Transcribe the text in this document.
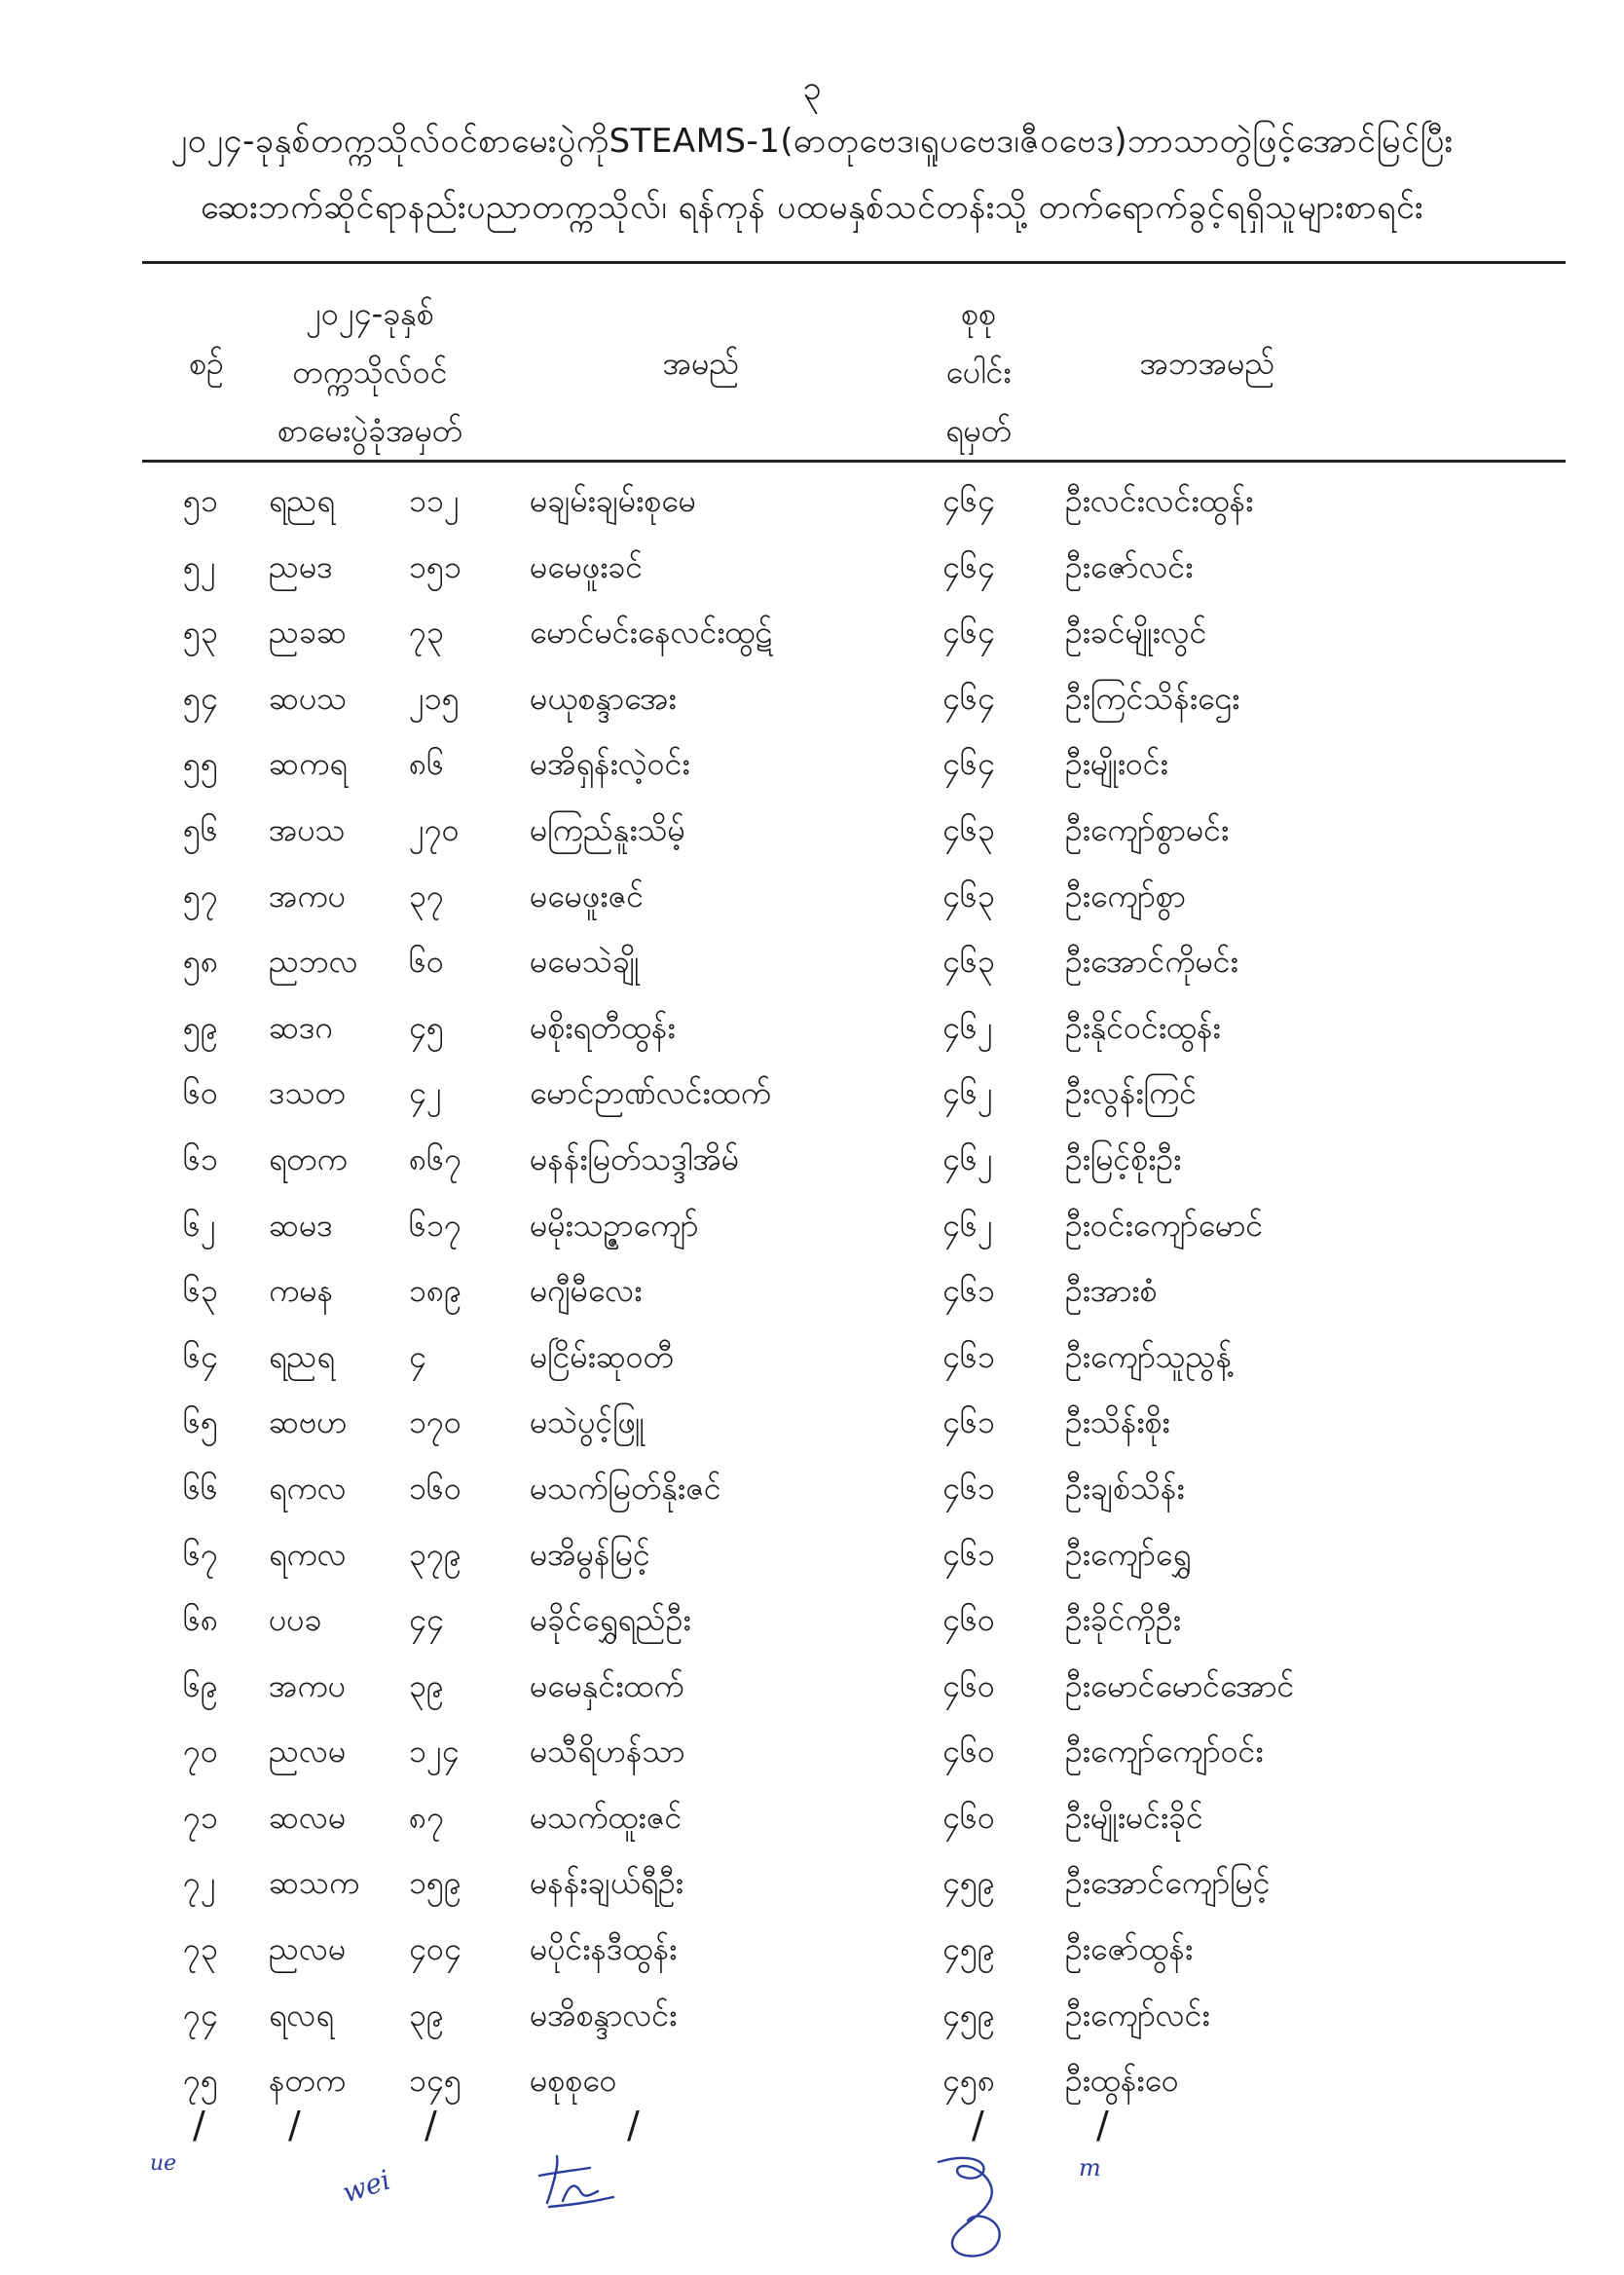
၃
၂၀၂၄-ခုနှစ်တက္ကသိုလ်ဝင်စာမေးပွဲကိုSTEAMS-1(ဓာတုဗေဒ၊ရူပဗေဒ၊ဇီဝဗေဒ)ဘာသာတွဲဖြင့်အောင်မြင်ပြီး
ဆေးဘက်ဆိုင်ရာနည်းပညာတက္ကသိုလ်၊ ရန်ကုန် ပထမနှစ်သင်တန်းသို့ တက်ရောက်ခွင့်ရရှိသူများစာရင်း
စဉ်
၂၀၂၄-ခုနှစ်
တက္ကသိုလ်ဝင်
စာမေးပွဲခုံအမှတ်
အမည်
စုစု
ပေါင်း
ရမှတ်
အဘအမည်
၅၁ ရညရ ၁၁၂ မချမ်းချမ်းစုမေ	၄၆၄ ဦးလင်းလင်းထွန်း
၅၂ ညမဒ ၁၅၁ မမေဖူးခင်	၄၆၄ ဦးဇော်လင်း
၅၃ ညခဆ ၇၃	မောင်မင်းနေလင်းထွဋ်	၄၆၄ ဦးခင်မျိုးလွင်
၅၄ ဆပသ ၂၁၅ မယုစန္ဒာအေး	၄၆၄ ဦးကြင်သိန်းဌေး
၅၅ ဆကရ ၈၆	မအိရှန်းလဲ့ဝင်း	၄၆၄ ဦးမျိုးဝင်း
၅၆ အပသ ၂၇၀ မကြည်နူးသိမ့်	၄၆၃ ဦးကျော်စွာမင်း
၅၇ အကပ ၃၇	မမေဖူးဇင်	၄၆၃ ဦးကျော်စွာ
၅၈ ညဘလ ၆၀	မမေသဲချို	၄၆၃ ဦးအောင်ကိုမင်း
၅၉ ဆဒဂ ၄၅	မစိုးရတီထွန်း	၄၆၂ ဦးနိုင်ဝင်းထွန်း
၆၀ ဒသတ ၄၂	မောင်ဉာဏ်လင်းထက်	၄၆၂ ဦးလွန်းကြင်
၆၁ ရတက ၈၆၇ မနန်းမြတ်သဒ္ဒါအိမ်	၄၆၂ ဦးမြင့်စိုးဦး
၆၂ ဆမဒ ၆၁၇ မမိုးသဥ္ဇာကျော်	၄၆၂ ဦးဝင်းကျော်မောင်
၆၃ ကမန ၁၈၉ မဂျီမီလေး	၄၆၁ ဦးအားစံ
၆၄ ရညရ ၄	မငြိမ်းဆုဝတီ	၄၆၁ ဦးကျော်သူညွန့်
၆၅ ဆဗဟ ၁၇၀ မသဲပွင့်ဖြူ	၄၆၁ ဦးသိန်းစိုး
၆၆ ရကလ ၁၆၀ မသက်မြတ်နိုးဇင်	၄၆၁ ဦးချစ်သိန်း
၆၇ ရကလ ၃၇၉ မအိမွန်မြင့်	၄၆၁ ဦးကျော်ရွှေ
၆၈ ပပခ	၄၄	မခိုင်ရွှေရည်ဦး	၄၆၀ ဦးခိုင်ကိုဦး
၆၉ အကပ ၃၉	မမေနှင်းထက်	၄၆၀ ဦးမောင်မောင်အောင်
၇၀ ညလမ ၁၂၄ မသီရိဟန်သာ	၄၆၀ ဦးကျော်ကျော်ဝင်း
၇၁ ဆလမ ၈၇	မသက်ထူးဇင်	၄၆၀ ဦးမျိုးမင်းခိုင်
၇၂ ဆသက ၁၅၉ မနန်းချယ်ရီဦး	၄၅၉ ဦးအောင်ကျော်မြင့်
၇၃ ညလမ ၄၀၄ မပိုင်းနဒီထွန်း	၄၅၉ ဦးဇော်ထွန်း
၇၄ ရလရ ၃၉	မအိစန္ဒာလင်း	၄၅၉ ဦးကျော်လင်း
၇၅ နတက ၁၄၅ မစုစုဝေ	၄၅၈ ဦးထွန်းဝေ
/ /	/	/	/	/
ue
wei	m
